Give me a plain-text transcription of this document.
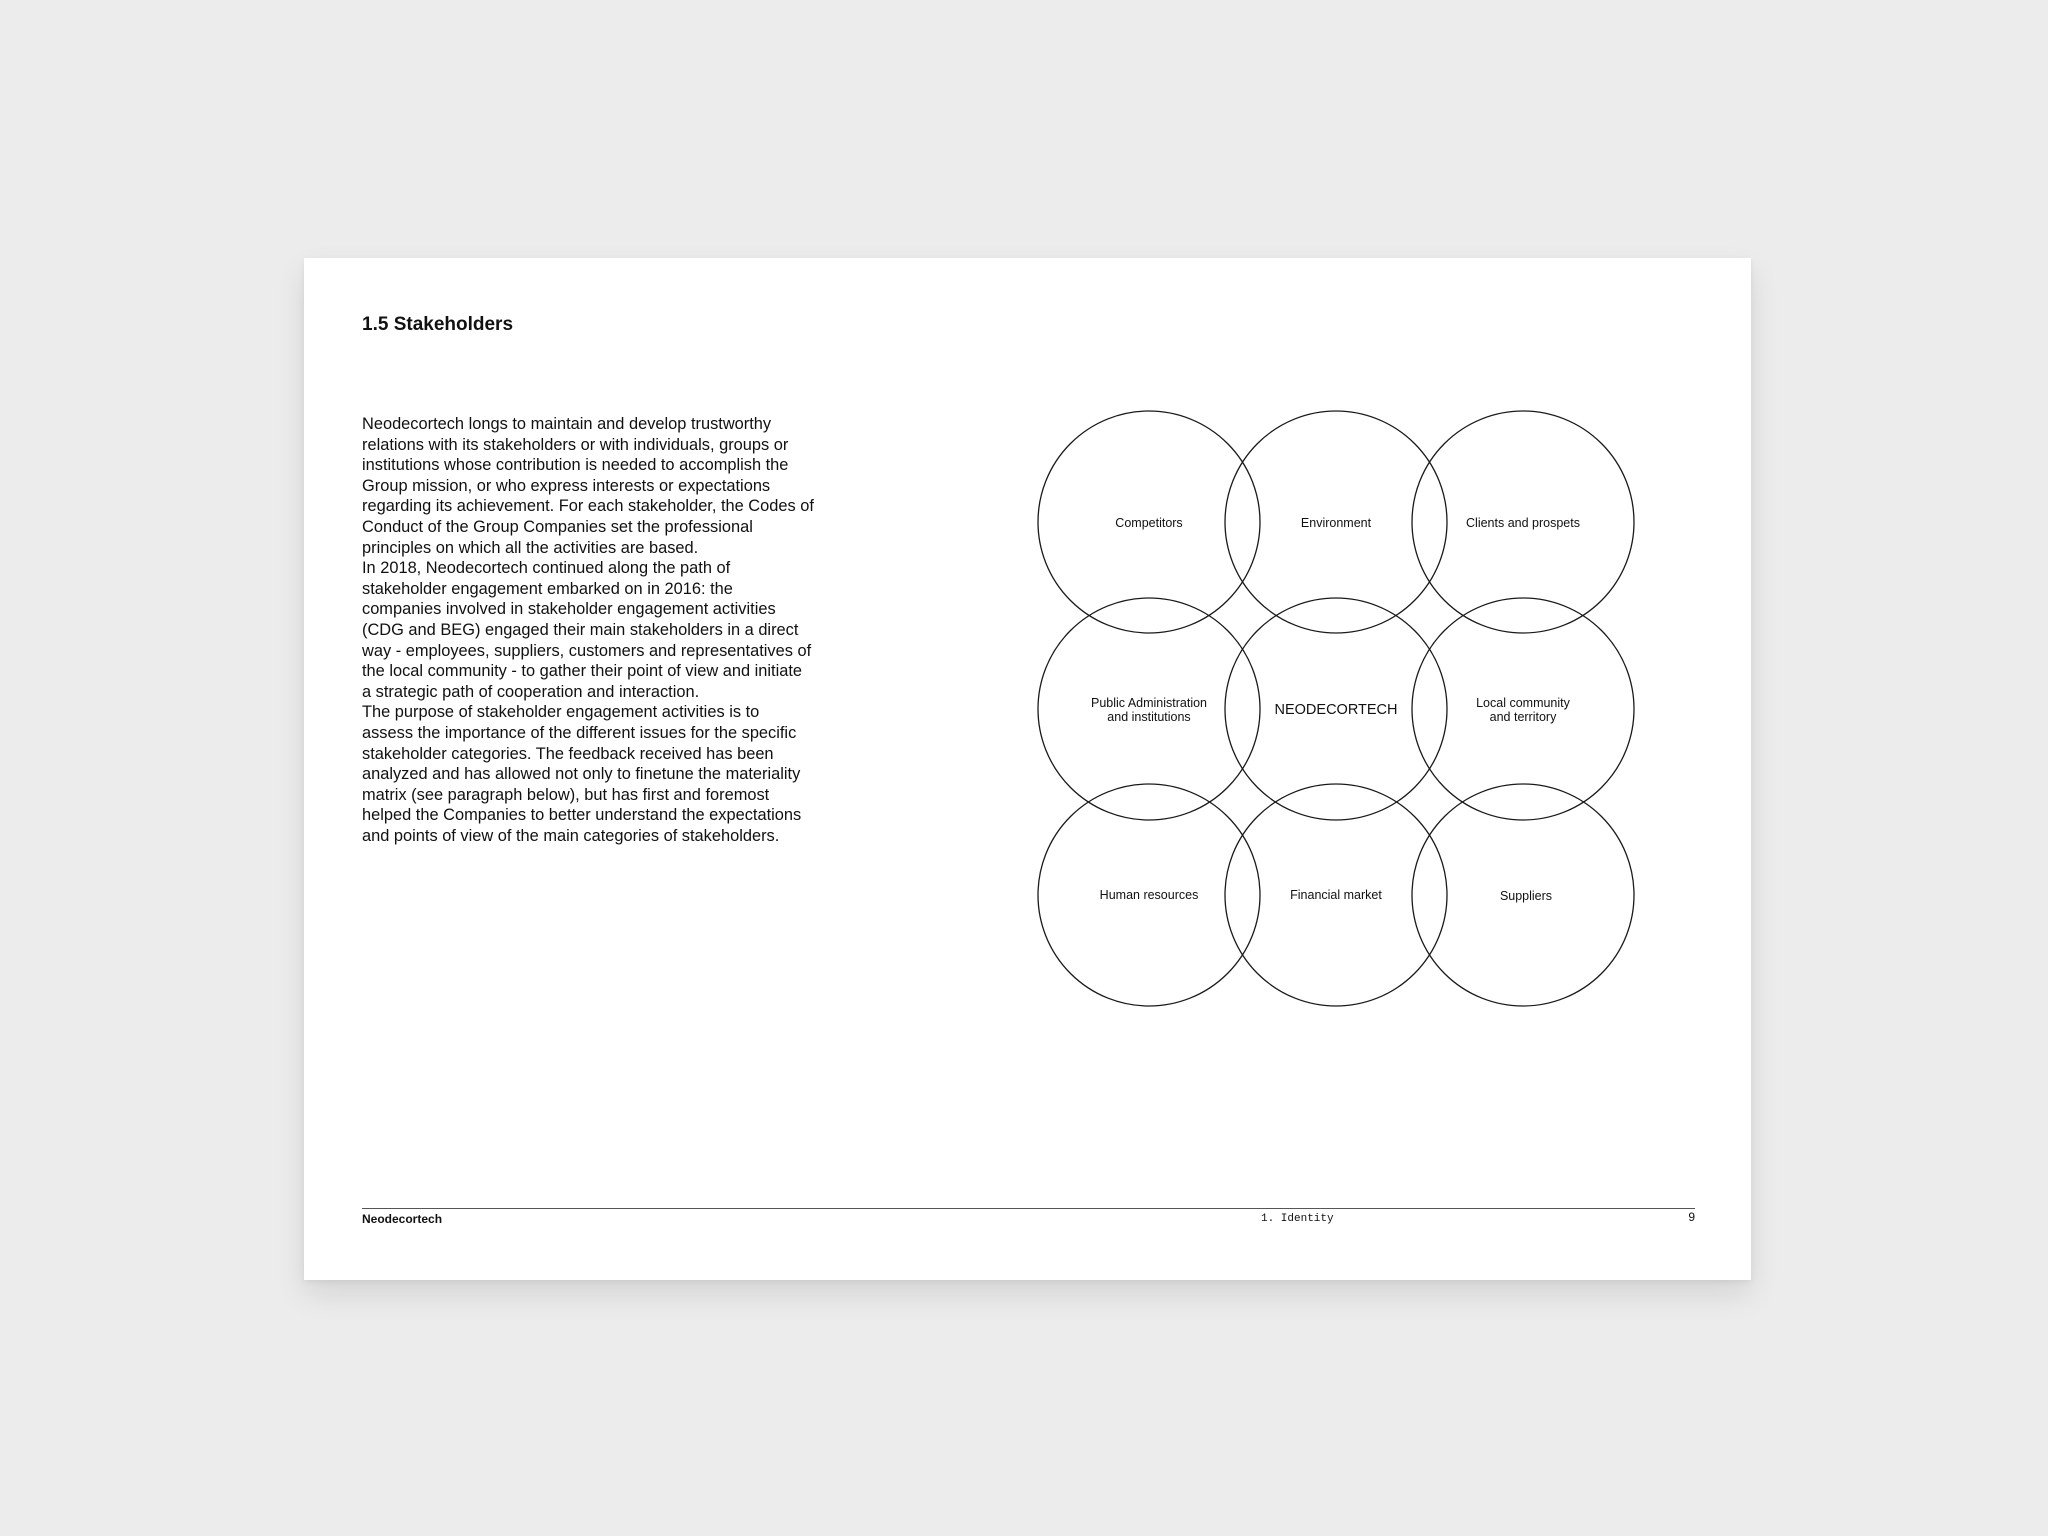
1.5 Stakeholders

Neodecortech longs to maintain and develop trustworthy relations with its stakeholders or with individuals, groups or institutions whose contribution is needed to accomplish the Group mission, or who express interests or expectations regarding its achievement. For each stakeholder, the Codes of Conduct of the Group Companies set the professional principles on which all the activities are based.

In 2018, Neodecortech continued along the path of stakeholder engagement embarked on in 2016: the companies involved in stakeholder engagement activities (CDG and BEG) engaged their main stakeholders in a direct way - employees, suppliers, customers and representatives of the local community - to gather their point of view and initiate a strategic path of cooperation and interaction.

The purpose of stakeholder engagement activities is to assess the importance of the different issues for the specific stakeholder categories. The feedback received has been analyzed and has allowed not only to finetune the materiality matrix (see paragraph below), but has first and foremost helped the Companies to better understand the expectations and points of view of the main categories of stakeholders.

Competitors	Environment	Clients and prospets
Public Administration
and institutions	NEODECORTECH	Local community
and territory
Human resources	Financial market	Suppliers
Neodecortech	1. Identity	9
